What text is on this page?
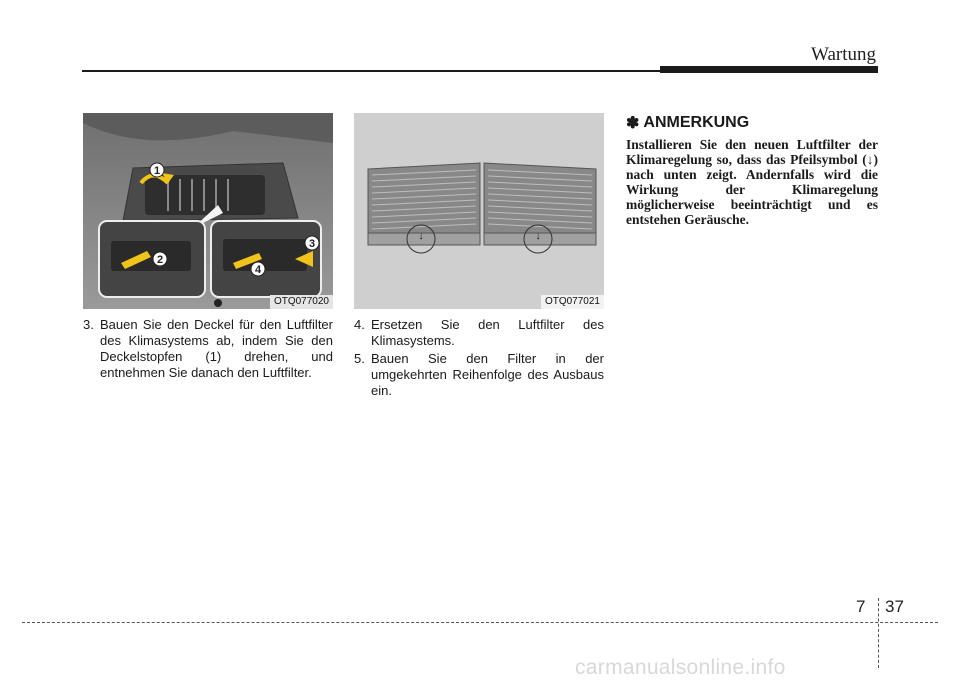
Wartung
1
2
3
4
OTQ077020
↓	↓
OTQ077021
3. Bauen Sie den Deckel für den Luftfilter des Klimasystems ab, indem Sie den Deckelstopfen (1) drehen, und entnehmen Sie danach den Luftfilter.
4. Ersetzen Sie den Luftfilter des Klimasystems.
5. Bauen Sie den Filter in der umgekehrten Reihenfolge des Ausbaus ein.
✽ ANMERKUNG
Installieren Sie den neuen Luftfilter der Klimaregelung so, dass das Pfeilsymbol (↓) nach unten zeigt. Andernfalls wird die Wirkung der Klimaregelung möglicherweise beeinträchtigt und es entstehen Geräusche.
7 37
carmanualsonline.info
